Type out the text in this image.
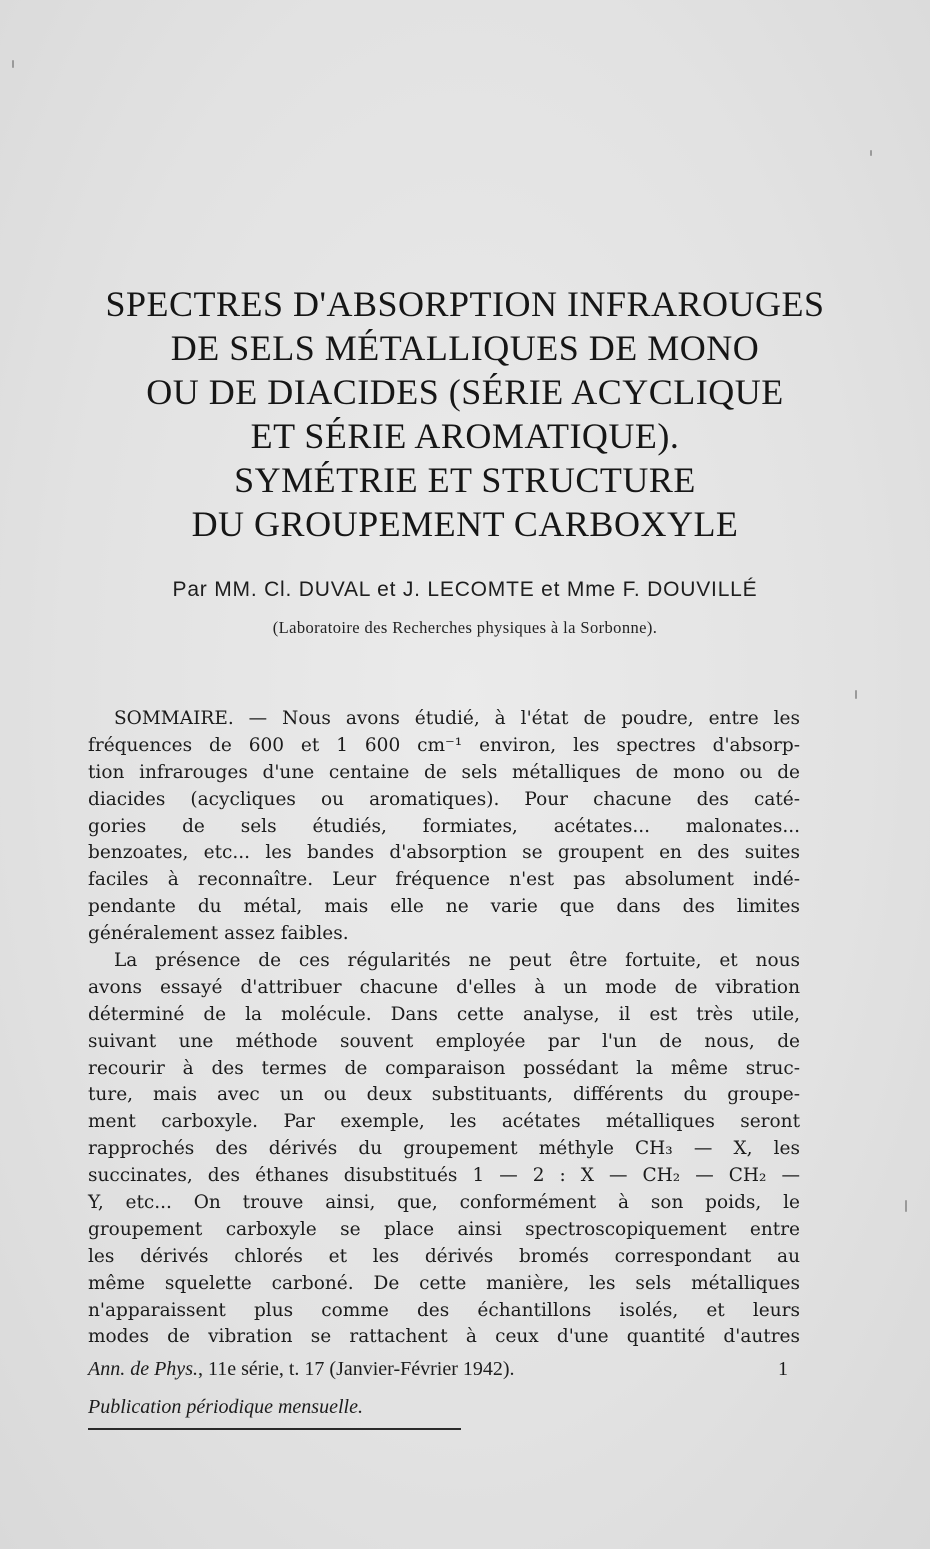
SPECTRES D'ABSORPTION INFRAROUGES
DE SELS MÉTALLIQUES DE MONO
OU DE DIACIDES (SÉRIE ACYCLIQUE
ET SÉRIE AROMATIQUE).
SYMÉTRIE ET STRUCTURE
DU GROUPEMENT CARBOXYLE
Par MM. Cl. DUVAL et J. LECOMTE et Mme F. DOUVILLÉ
(Laboratoire des Recherches physiques à la Sorbonne).
SOMMAIRE. — Nous avons étudié, à l'état de poudre, entre les
fréquences de 600 et 1 600 cm⁻¹ environ, les spectres d'absorp-
tion infrarouges d'une centaine de sels métalliques de mono ou de
diacides (acycliques ou aromatiques). Pour chacune des caté-
gories de sels étudiés, formiates, acétates... malonates...
benzoates, etc... les bandes d'absorption se groupent en des suites
faciles à reconnaître. Leur fréquence n'est pas absolument indé-
pendante du métal, mais elle ne varie que dans des limites
généralement assez faibles.
La présence de ces régularités ne peut être fortuite, et nous
avons essayé d'attribuer chacune d'elles à un mode de vibration
déterminé de la molécule. Dans cette analyse, il est très utile,
suivant une méthode souvent employée par l'un de nous, de
recourir à des termes de comparaison possédant la même struc-
ture, mais avec un ou deux substituants, différents du groupe-
ment carboxyle. Par exemple, les acétates métalliques seront
rapprochés des dérivés du groupement méthyle CH₃ — X, les
succinates, des éthanes disubstitués 1 — 2 : X — CH₂ — CH₂ —
Y, etc... On trouve ainsi, que, conformément à son poids, le
groupement carboxyle se place ainsi spectroscopiquement entre
les dérivés chlorés et les dérivés bromés correspondant au
même squelette carboné. De cette manière, les sels métalliques
n'apparaissent plus comme des échantillons isolés, et leurs
modes de vibration se rattachent à ceux d'une quantité d'autres
Ann. de Phys., 11e série, t. 17 (Janvier-Février 1942).	1
Publication périodique mensuelle.
